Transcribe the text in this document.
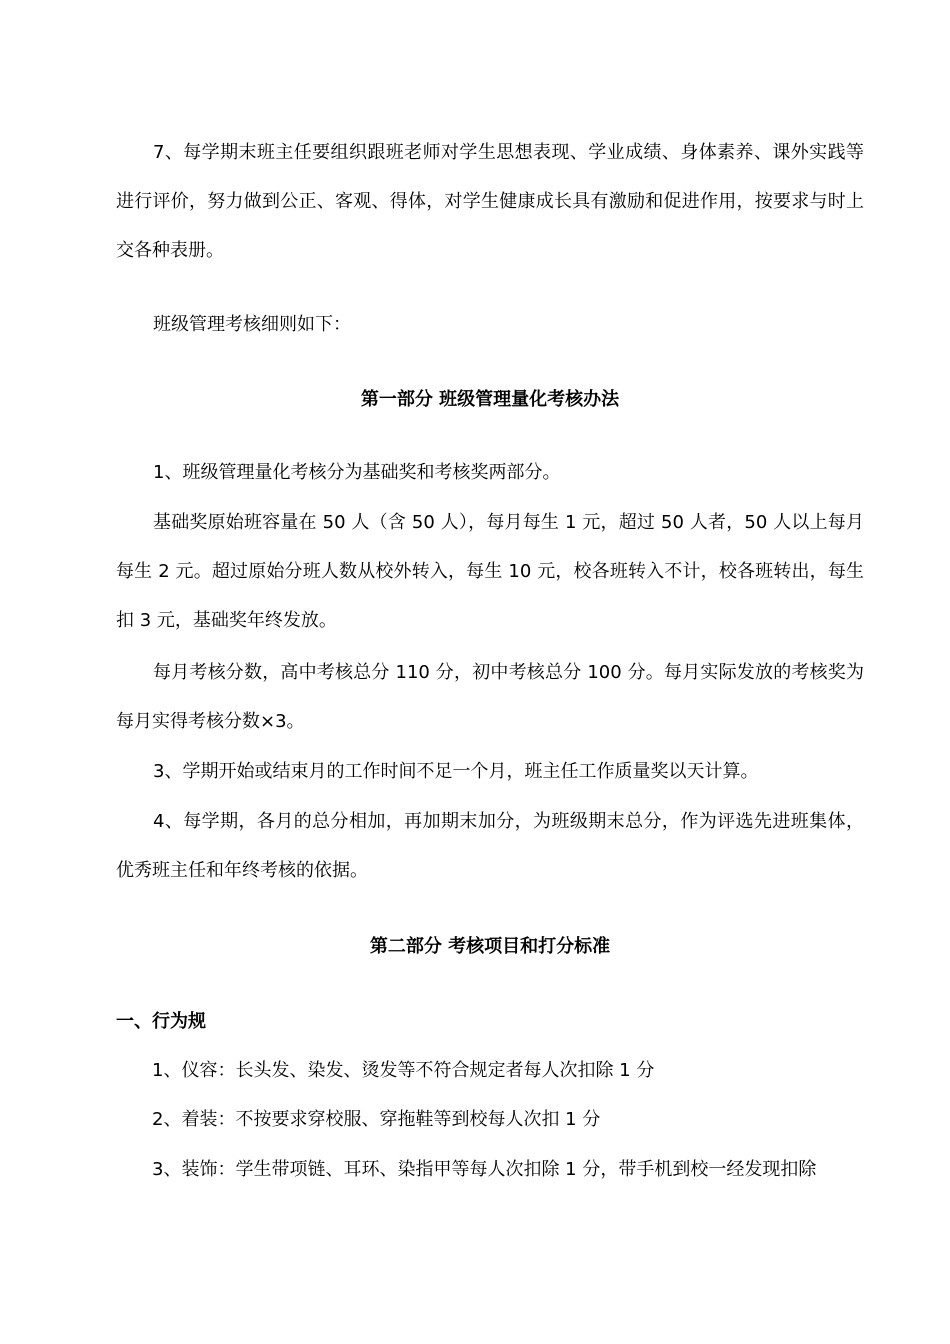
7、每学期末班主任要组织跟班老师对学生思想表现、学业成绩、身体素养、课外实践等进行评价，努力做到公正、客观、得体，对学生健康成长具有激励和促进作用，按要求与时上交各种表册。

班级管理考核细则如下：

第一部分 班级管理量化考核办法

1、班级管理量化考核分为基础奖和考核奖两部分。

基础奖原始班容量在 50 人（含 50 人），每月每生 1 元，超过 50 人者，50 人以上每月每生 2 元。超过原始分班人数从校外转入，每生 10 元，校各班转入不计，校各班转出，每生扣 3 元，基础奖年终发放。

每月考核分数，高中考核总分 110 分，初中考核总分 100 分。每月实际发放的考核奖为每月实得考核分数×3。

3、学期开始或结束月的工作时间不足一个月，班主任工作质量奖以天计算。

4、每学期，各月的总分相加，再加期末加分，为班级期末总分，作为评选先进班集体，优秀班主任和年终考核的依据。

第二部分 考核项目和打分标准

一、行为规

1、仪容：长头发、染发、烫发等不符合规定者每人次扣除 1 分

2、着装：不按要求穿校服、穿拖鞋等到校每人次扣 1 分

3、装饰：学生带项链、耳环、染指甲等每人次扣除 1 分，带手机到校一经发现扣除
